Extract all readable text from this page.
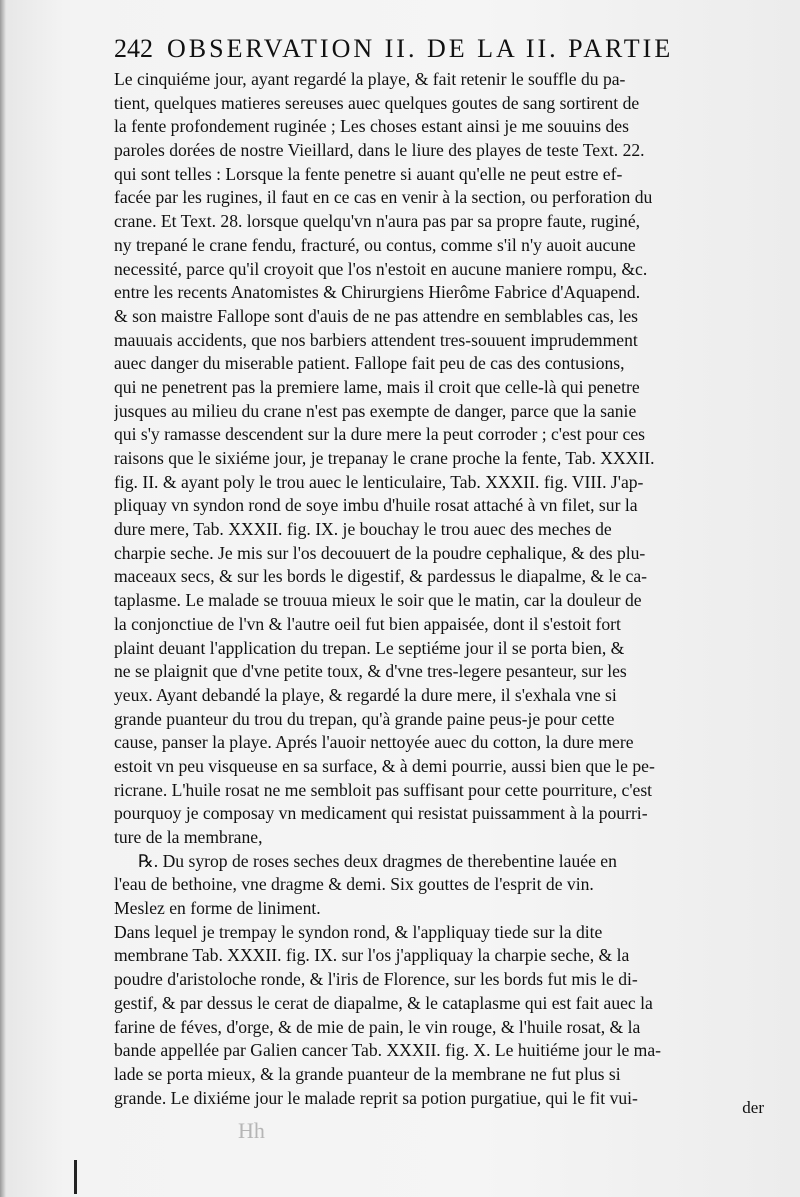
242 OBSERVATION II. DE LA II. PARTIE
Le cinquiéme jour, ayant regardé la playe, & fait retenir le souffle du pa-
tient, quelques matieres sereuses auec quelques goutes de sang sortirent de
la fente profondement ruginée ; Les choses estant ainsi je me souuins des
paroles dorées de nostre Vieillard, dans le liure des playes de teste Text. 22.
qui sont telles : Lorsque la fente penetre si auant qu'elle ne peut estre ef-
facée par les rugines, il faut en ce cas en venir à la section, ou perforation du
crane. Et Text. 28. lorsque quelqu'vn n'aura pas par sa propre faute, ruginé,
ny trepané le crane fendu, fracturé, ou contus, comme s'il n'y auoit aucune
necessité, parce qu'il croyoit que l'os n'estoit en aucune maniere rompu, &c.
entre les recents Anatomistes & Chirurgiens Hierôme Fabrice d'Aquapend.
& son maistre Fallope sont d'auis de ne pas attendre en semblables cas, les
mauuais accidents, que nos barbiers attendent tres-souuent imprudemment
auec danger du miserable patient. Fallope fait peu de cas des contusions,
qui ne penetrent pas la premiere lame, mais il croit que celle-là qui penetre
jusques au milieu du crane n'est pas exempte de danger, parce que la sanie
qui s'y ramasse descendent sur la dure mere la peut corroder ; c'est pour ces
raisons que le sixiéme jour, je trepanay le crane proche la fente, Tab. XXXII.
fig. II. & ayant poly le trou auec le lenticulaire, Tab. XXXII. fig. VIII. J'ap-
pliquay vn syndon rond de soye imbu d'huile rosat attaché à vn filet, sur la
dure mere, Tab. XXXII. fig. IX. je bouchay le trou auec des meches de
charpie seche. Je mis sur l'os decouuert de la poudre cephalique, & des plu-
maceaux secs, & sur les bords le digestif, & pardessus le diapalme, & le ca-
taplasme. Le malade se trouua mieux le soir que le matin, car la douleur de
la conjonctiue de l'vn & l'autre oeil fut bien appaisée, dont il s'estoit fort
plaint deuant l'application du trepan. Le septiéme jour il se porta bien, &
ne se plaignit que d'vne petite toux, & d'vne tres-legere pesanteur, sur les
yeux. Ayant debandé la playe, & regardé la dure mere, il s'exhala vne si
grande puanteur du trou du trepan, qu'à grande paine peus-je pour cette
cause, panser la playe. Aprés l'auoir nettoyée auec du cotton, la dure mere
estoit vn peu visqueuse en sa surface, & à demi pourrie, aussi bien que le pe-
ricrane. L'huile rosat ne me sembloit pas suffisant pour cette pourriture, c'est
pourquoy je composay vn medicament qui resistat puissamment à la pourri-
ture de la membrane,
℞. Du syrop de roses seches deux dragmes de therebentine lauée en
l'eau de bethoine, vne dragme & demi. Six gouttes de l'esprit de vin.
Meslez en forme de liniment.
Dans lequel je trempay le syndon rond, & l'appliquay tiede sur la dite
membrane Tab. XXXII. fig. IX. sur l'os j'appliquay la charpie seche, & la
poudre d'aristoloche ronde, & l'iris de Florence, sur les bords fut mis le di-
gestif, & par dessus le cerat de diapalme, & le cataplasme qui est fait auec la
farine de féves, d'orge, & de mie de pain, le vin rouge, & l'huile rosat, & la
bande appellée par Galien cancer Tab. XXXII. fig. X. Le huitiéme jour le ma-
lade se porta mieux, & la grande puanteur de la membrane ne fut plus si
grande. Le dixiéme jour le malade reprit sa potion purgatiue, qui le fit vui-	der
Hh
